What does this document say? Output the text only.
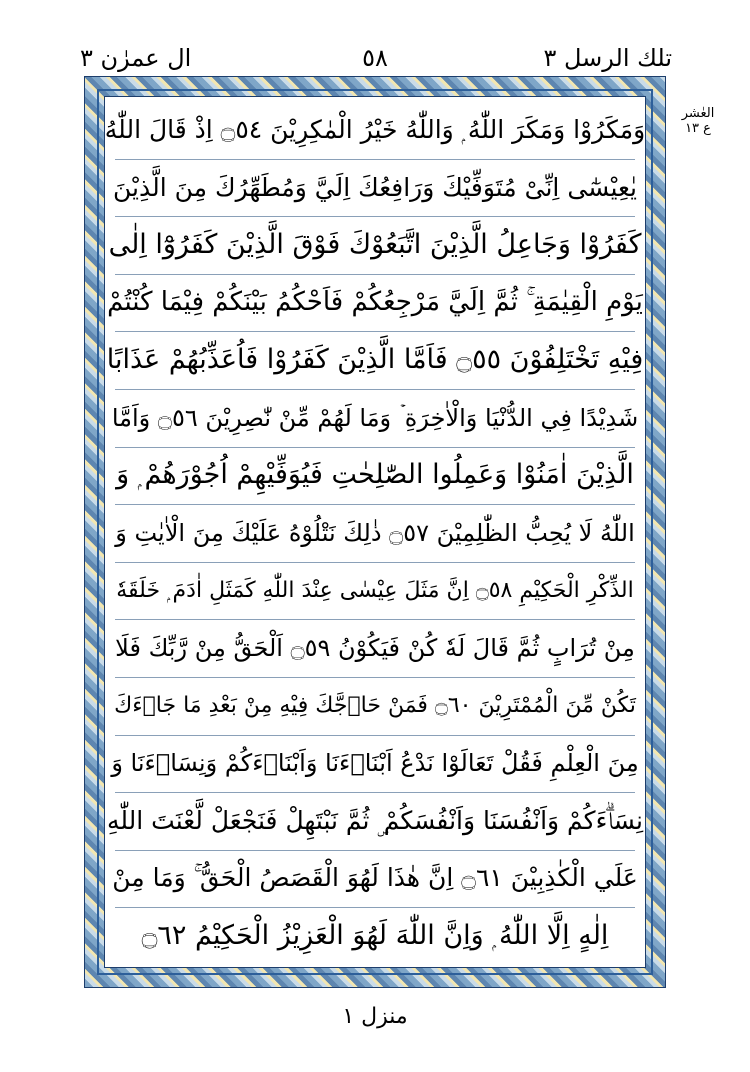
تلك الرسل ٣
٥٨
ال عمرٰن ٣
العٰشر ع ١٣
وَمَكَرُوْا وَمَكَرَ اللّٰهُ ۭ وَاللّٰهُ خَيْرُ الْمٰكِرِيْنَ ۝٥٤ اِذْ قَالَ اللّٰهُ
يٰعِيْسٰٓى اِنِّىْ مُتَوَفِّيْكَ وَرَافِعُكَ اِلَيَّ وَمُطَهِّرُكَ مِنَ الَّذِيْنَ
كَفَرُوْا وَجَاعِلُ الَّذِيْنَ اتَّبَعُوْكَ فَوْقَ الَّذِيْنَ كَفَرُوْٓا اِلٰى
يَوْمِ الْقِيٰمَةِ ۚ ثُمَّ اِلَيَّ مَرْجِعُكُمْ فَاَحْكُمُ بَيْنَكُمْ فِيْمَا كُنْتُمْ
فِيْهِ تَخْتَلِفُوْنَ ۝٥٥ فَاَمَّا الَّذِيْنَ كَفَرُوْا فَاُعَذِّبُهُمْ عَذَابًا
شَدِيْدًا فِي الدُّنْيَا وَالْاٰخِرَةِ ۡ وَمَا لَھُمْ مِّنْ نّٰصِرِيْنَ ۝٥٦ وَاَمَّا
الَّذِيْنَ اٰمَنُوْا وَعَمِلُوا الصّٰلِحٰتِ فَيُوَفِّيْهِمْ اُجُوْرَھُمْ ۭ وَ
اللّٰهُ لَا يُحِبُّ الظّٰلِمِيْنَ ۝٥٧ ذٰلِكَ نَتْلُوْهُ عَلَيْكَ مِنَ الْاٰيٰتِ وَ
الذِّكْرِ الْحَكِيْمِ ۝٥٨ اِنَّ مَثَلَ عِيْسٰى عِنْدَ اللّٰهِ كَمَثَلِ اٰدَمَ ۭ خَلَقَهٗ
مِنْ تُرَابٍ ثُمَّ قَالَ لَهٗ كُنْ فَيَكُوْنُ ۝٥٩ اَلْحَقُّ مِنْ رَّبِّكَ فَلَا
تَكُنْ مِّنَ الْمُمْتَرِيْنَ ۝٦٠ فَمَنْ حَاۗجَّكَ فِيْهِ مِنْ بَعْدِ مَا جَاۗءَكَ
مِنَ الْعِلْمِ فَقُلْ تَعَالَوْا نَدْعُ اَبْنَاۗءَنَا وَاَبْنَاۗءَكُمْ وَنِسَاۗءَنَا وَ
نِسَاۗءَكُمْ وَاَنْفُسَنَا وَاَنْفُسَكُمْ ۣ ثُمَّ نَبْتَهِلْ فَنَجْعَلْ لَّعْنَتَ اللّٰهِ
عَلَي الْكٰذِبِيْنَ ۝٦١ اِنَّ ھٰذَا لَهُوَ الْقَصَصُ الْحَقُّ ۚ وَمَا مِنْ
اِلٰهٍ اِلَّا اللّٰهُ ۭ وَاِنَّ اللّٰهَ لَھُوَ الْعَزِيْزُ الْحَكِيْمُ ۝٦٢
منزل ١
